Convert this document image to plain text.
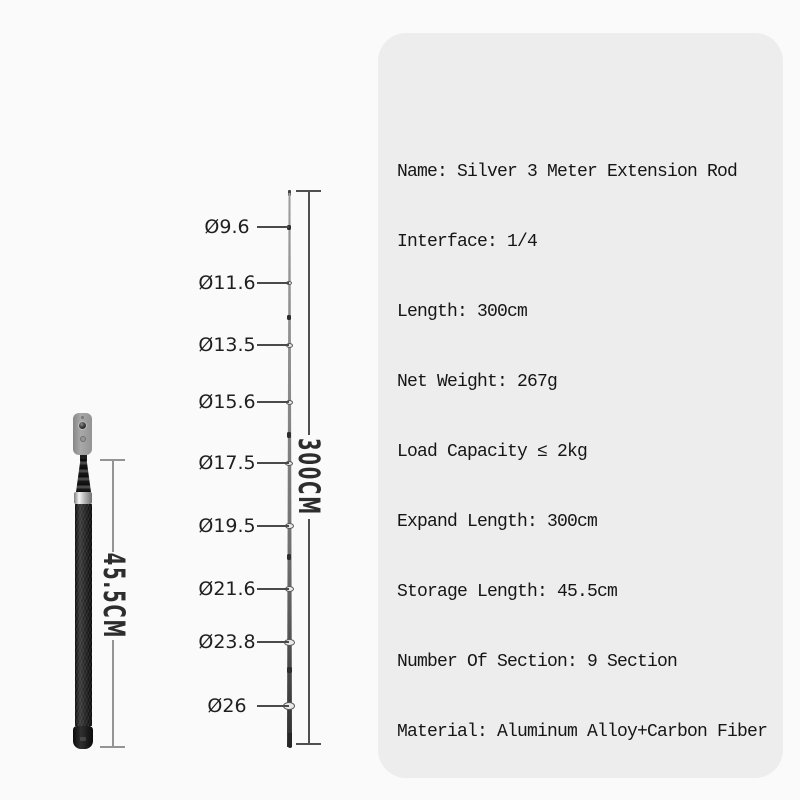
45.5CM
Ø9.6
Ø11.6
Ø13.5
Ø15.6
Ø17.5
Ø19.5
Ø21.6
Ø23.8
Ø26
300CM
Name: Silver 3 Meter Extension Rod
Interface: 1/4
Length: 300cm
Net Weight: 267g
Load Capacity ≤ 2kg
Expand Length: 300cm
Storage Length: 45.5cm
Number Of Section: 9 Section
Material: Aluminum Alloy+Carbon Fiber
